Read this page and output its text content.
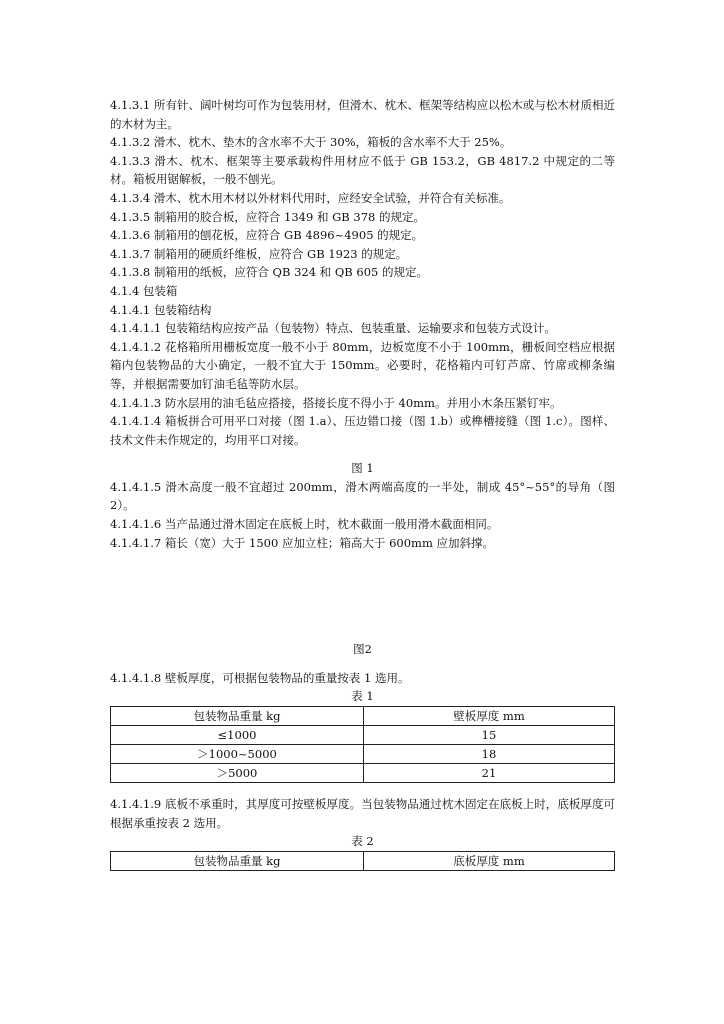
4.1.3.1 所有针、阔叶树均可作为包装用材，但滑木、枕木、框架等结构应以松木或与松木材质相近的木材为主。

4.1.3.2 滑木、枕木、垫木的含水率不大于 30%，箱板的含水率不大于 25%。

4.1.3.3 滑木、枕木、框架等主要承载构件用材应不低于 GB 153.2，GB 4817.2 中规定的二等材。箱板用锯解板，一般不刨光。

4.1.3.4 滑木、枕木用木材以外材料代用时，应经安全试验，并符合有关标准。

4.1.3.5 制箱用的胶合板，应符合 1349 和 GB 378 的规定。

4.1.3.6 制箱用的刨花板，应符合 GB 4896~4905 的规定。

4.1.3.7 制箱用的硬质纤维板，应符合 GB 1923 的规定。

4.1.3.8 制箱用的纸板，应符合 QB 324 和 QB 605 的规定。

4.1.4 包装箱

4.1.4.1 包装箱结构

4.1.4.1.1 包装箱结构应按产品（包装物）特点、包装重量、运输要求和包装方式设计。

4.1.4.1.2 花格箱所用栅板宽度一般不小于 80mm，边板宽度不小于 100mm，栅板间空档应根据箱内包装物品的大小确定，一般不宜大于 150mm。必要时，花格箱内可钉芦席、竹席或柳条编等，并根据需要加钉油毛毡等防水层。

4.1.4.1.3 防水层用的油毛毡应搭接，搭接长度不得小于 40mm。并用小木条压紧钉牢。

4.1.4.1.4 箱板拼合可用平口对接（图 1.a）、压边错口接（图 1.b）或榫槽接缝（图 1.c）。图样、技术文件未作规定的，均用平口对接。

图 1

4.1.4.1.5 滑木高度一般不宜超过 200mm，滑木两端高度的一半处，制成 45°~55°的导角（图 2）。

4.1.4.1.6 当产品通过滑木固定在底板上时，枕木截面一般用滑木截面相同。

4.1.4.1.7 箱长（宽）大于 1500 应加立柱；箱高大于 600mm 应加斜撑。

图2

4.1.4.1.8 壁板厚度，可根据包装物品的重量按表 1 选用。

表 1

包装物品重量 kg	壁板厚度 mm
≤1000	15
＞1000~5000	18
＞5000	21

4.1.4.1.9 底板不承重时，其厚度可按壁板厚度。当包装物品通过枕木固定在底板上时，底板厚度可根据承重按表 2 选用。

表 2

包装物品重量 kg	底板厚度 mm
